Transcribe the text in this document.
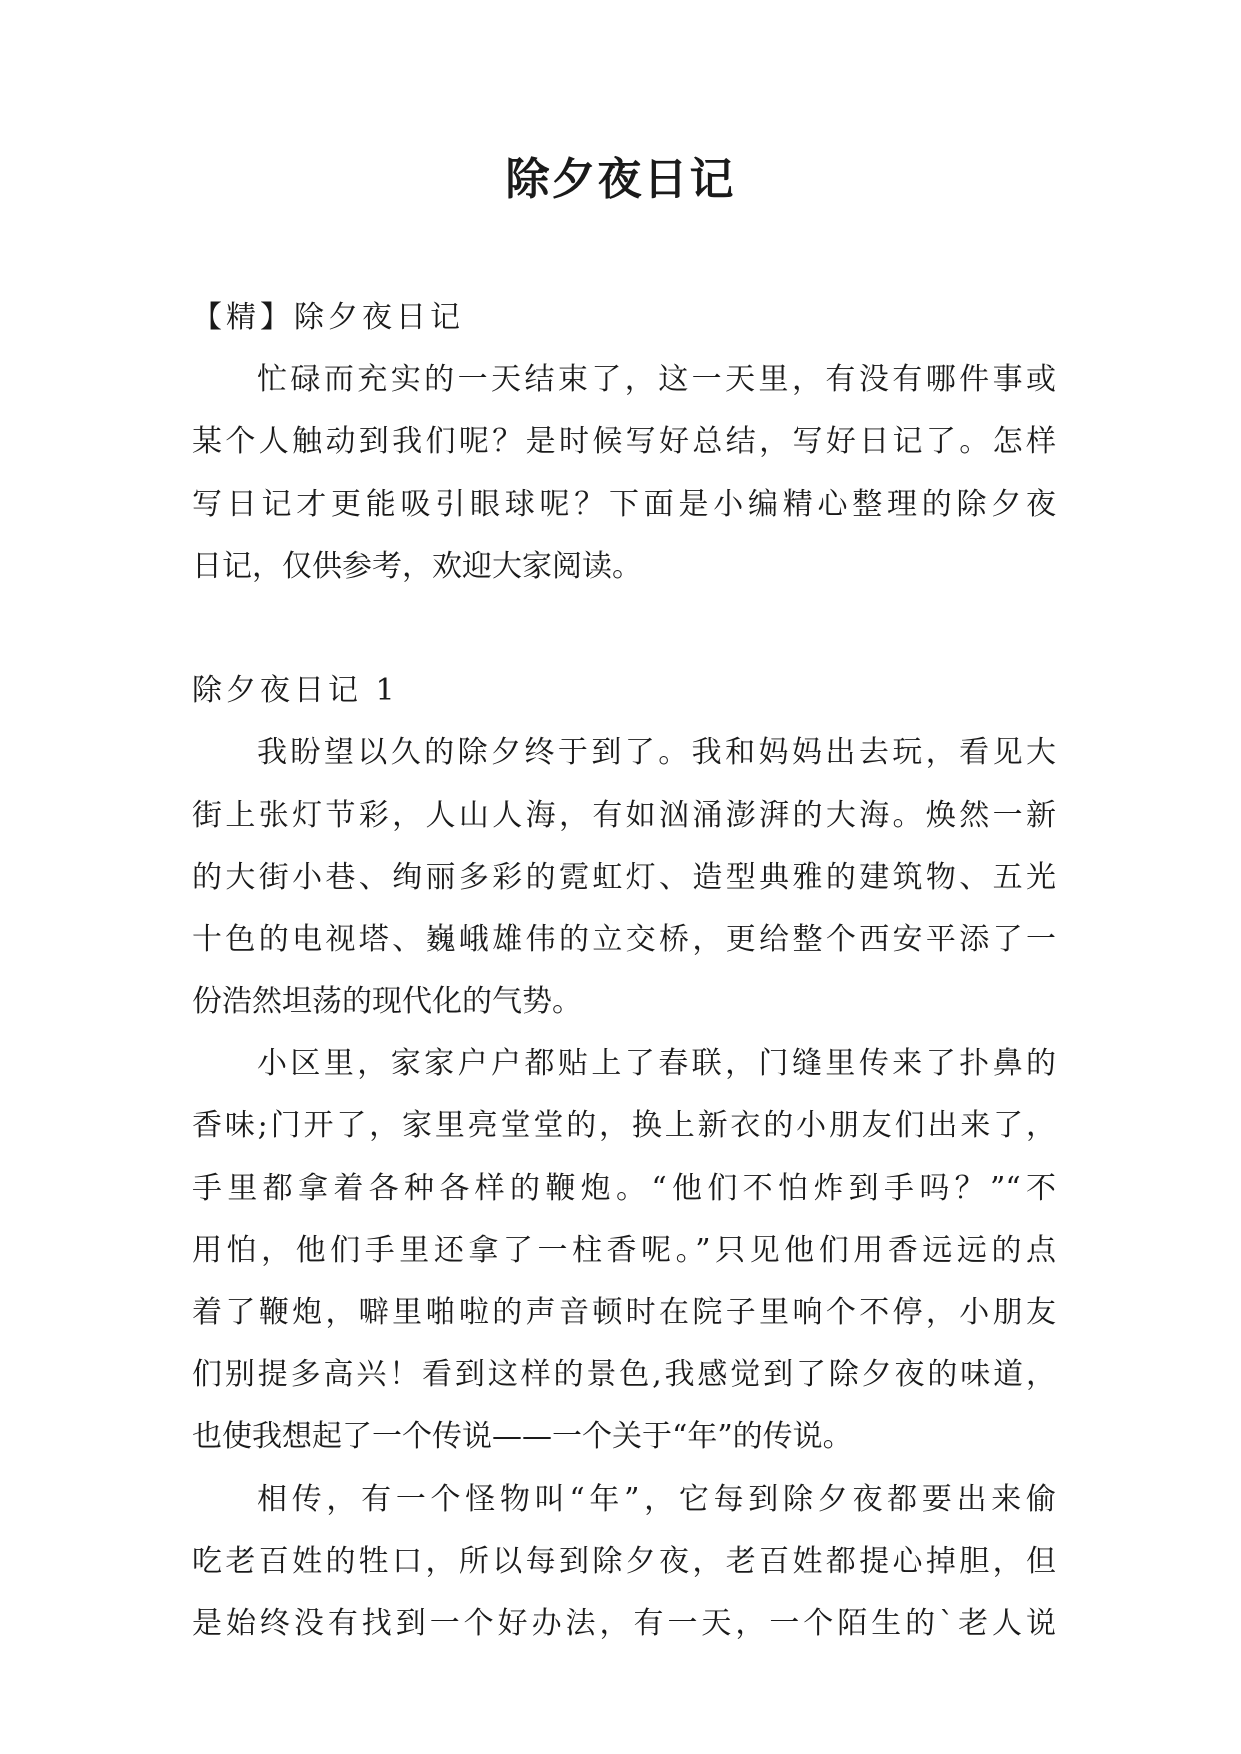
除夕夜日记
【精】除夕夜日记
忙碌而充实的一天结束了，这一天里，有没有哪件事或
某个人触动到我们呢？是时候写好总结，写好日记了。怎样
写日记才更能吸引眼球呢？下面是小编精心整理的除夕夜
日记，仅供参考，欢迎大家阅读。
除夕夜日记 1
我盼望以久的除夕终于到了。我和妈妈出去玩，看见大
街上张灯节彩，人山人海，有如汹涌澎湃的大海。焕然一新
的大街小巷、绚丽多彩的霓虹灯、造型典雅的建筑物、五光
十色的电视塔、巍峨雄伟的立交桥，更给整个西安平添了一
份浩然坦荡的现代化的气势。
小区里，家家户户都贴上了春联，门缝里传来了扑鼻的
香味;门开了，家里亮堂堂的，换上新衣的小朋友们出来了，
手里都拿着各种各样的鞭炮。“他们不怕炸到手吗？”“不
用怕，他们手里还拿了一柱香呢。”只见他们用香远远的点
着了鞭炮，噼里啪啦的声音顿时在院子里响个不停，小朋友
们别提多高兴！看到这样的景色,我感觉到了除夕夜的味道，
也使我想起了一个传说——一个关于“年”的传说。
相传，有一个怪物叫“年”，它每到除夕夜都要出来偷
吃老百姓的牲口，所以每到除夕夜，老百姓都提心掉胆，但
是始终没有找到一个好办法，有一天，一个陌生的`老人说
